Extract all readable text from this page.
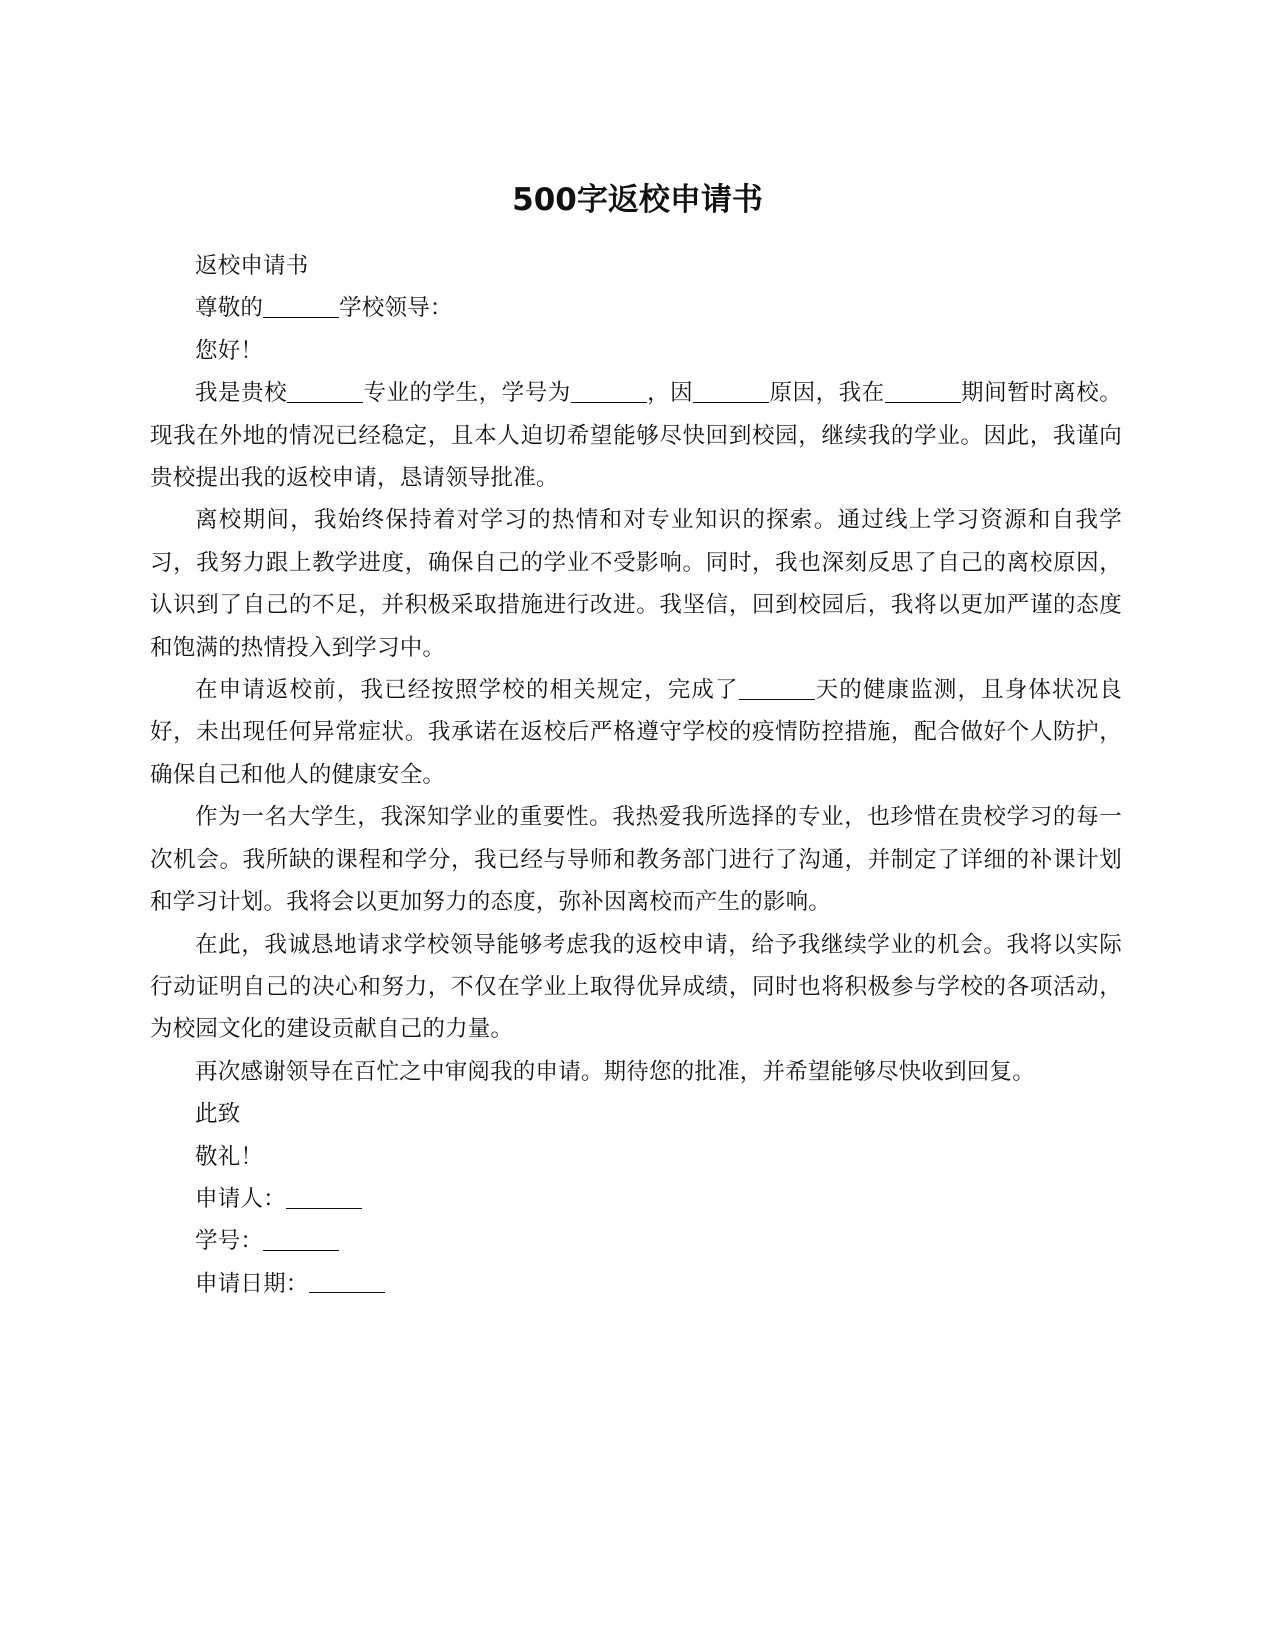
500字返校申请书

返校申请书

尊敬的	学校领导：

您好！

我是贵校	专业的学生，学号为	，因	原因，我在	期间暂时离校。现我在外地的情况已经稳定，且本人迫切希望能够尽快回到校园，继续我的学业。因此，我谨向贵校提出我的返校申请，恳请领导批准。

离校期间，我始终保持着对学习的热情和对专业知识的探索。通过线上学习资源和自我学习，我努力跟上教学进度，确保自己的学业不受影响。同时，我也深刻反思了自己的离校原因，认识到了自己的不足，并积极采取措施进行改进。我坚信，回到校园后，我将以更加严谨的态度和饱满的热情投入到学习中。

在申请返校前，我已经按照学校的相关规定，完成了	天的健康监测，且身体状况良好，未出现任何异常症状。我承诺在返校后严格遵守学校的疫情防控措施，配合做好个人防护，确保自己和他人的健康安全。

作为一名大学生，我深知学业的重要性。我热爱我所选择的专业，也珍惜在贵校学习的每一次机会。我所缺的课程和学分，我已经与导师和教务部门进行了沟通，并制定了详细的补课计划和学习计划。我将会以更加努力的态度，弥补因离校而产生的影响。

在此，我诚恳地请求学校领导能够考虑我的返校申请，给予我继续学业的机会。我将以实际行动证明自己的决心和努力，不仅在学业上取得优异成绩，同时也将积极参与学校的各项活动，为校园文化的建设贡献自己的力量。

再次感谢领导在百忙之中审阅我的申请。期待您的批准，并希望能够尽快收到回复。

此致

敬礼！

申请人：

学号：

申请日期：
